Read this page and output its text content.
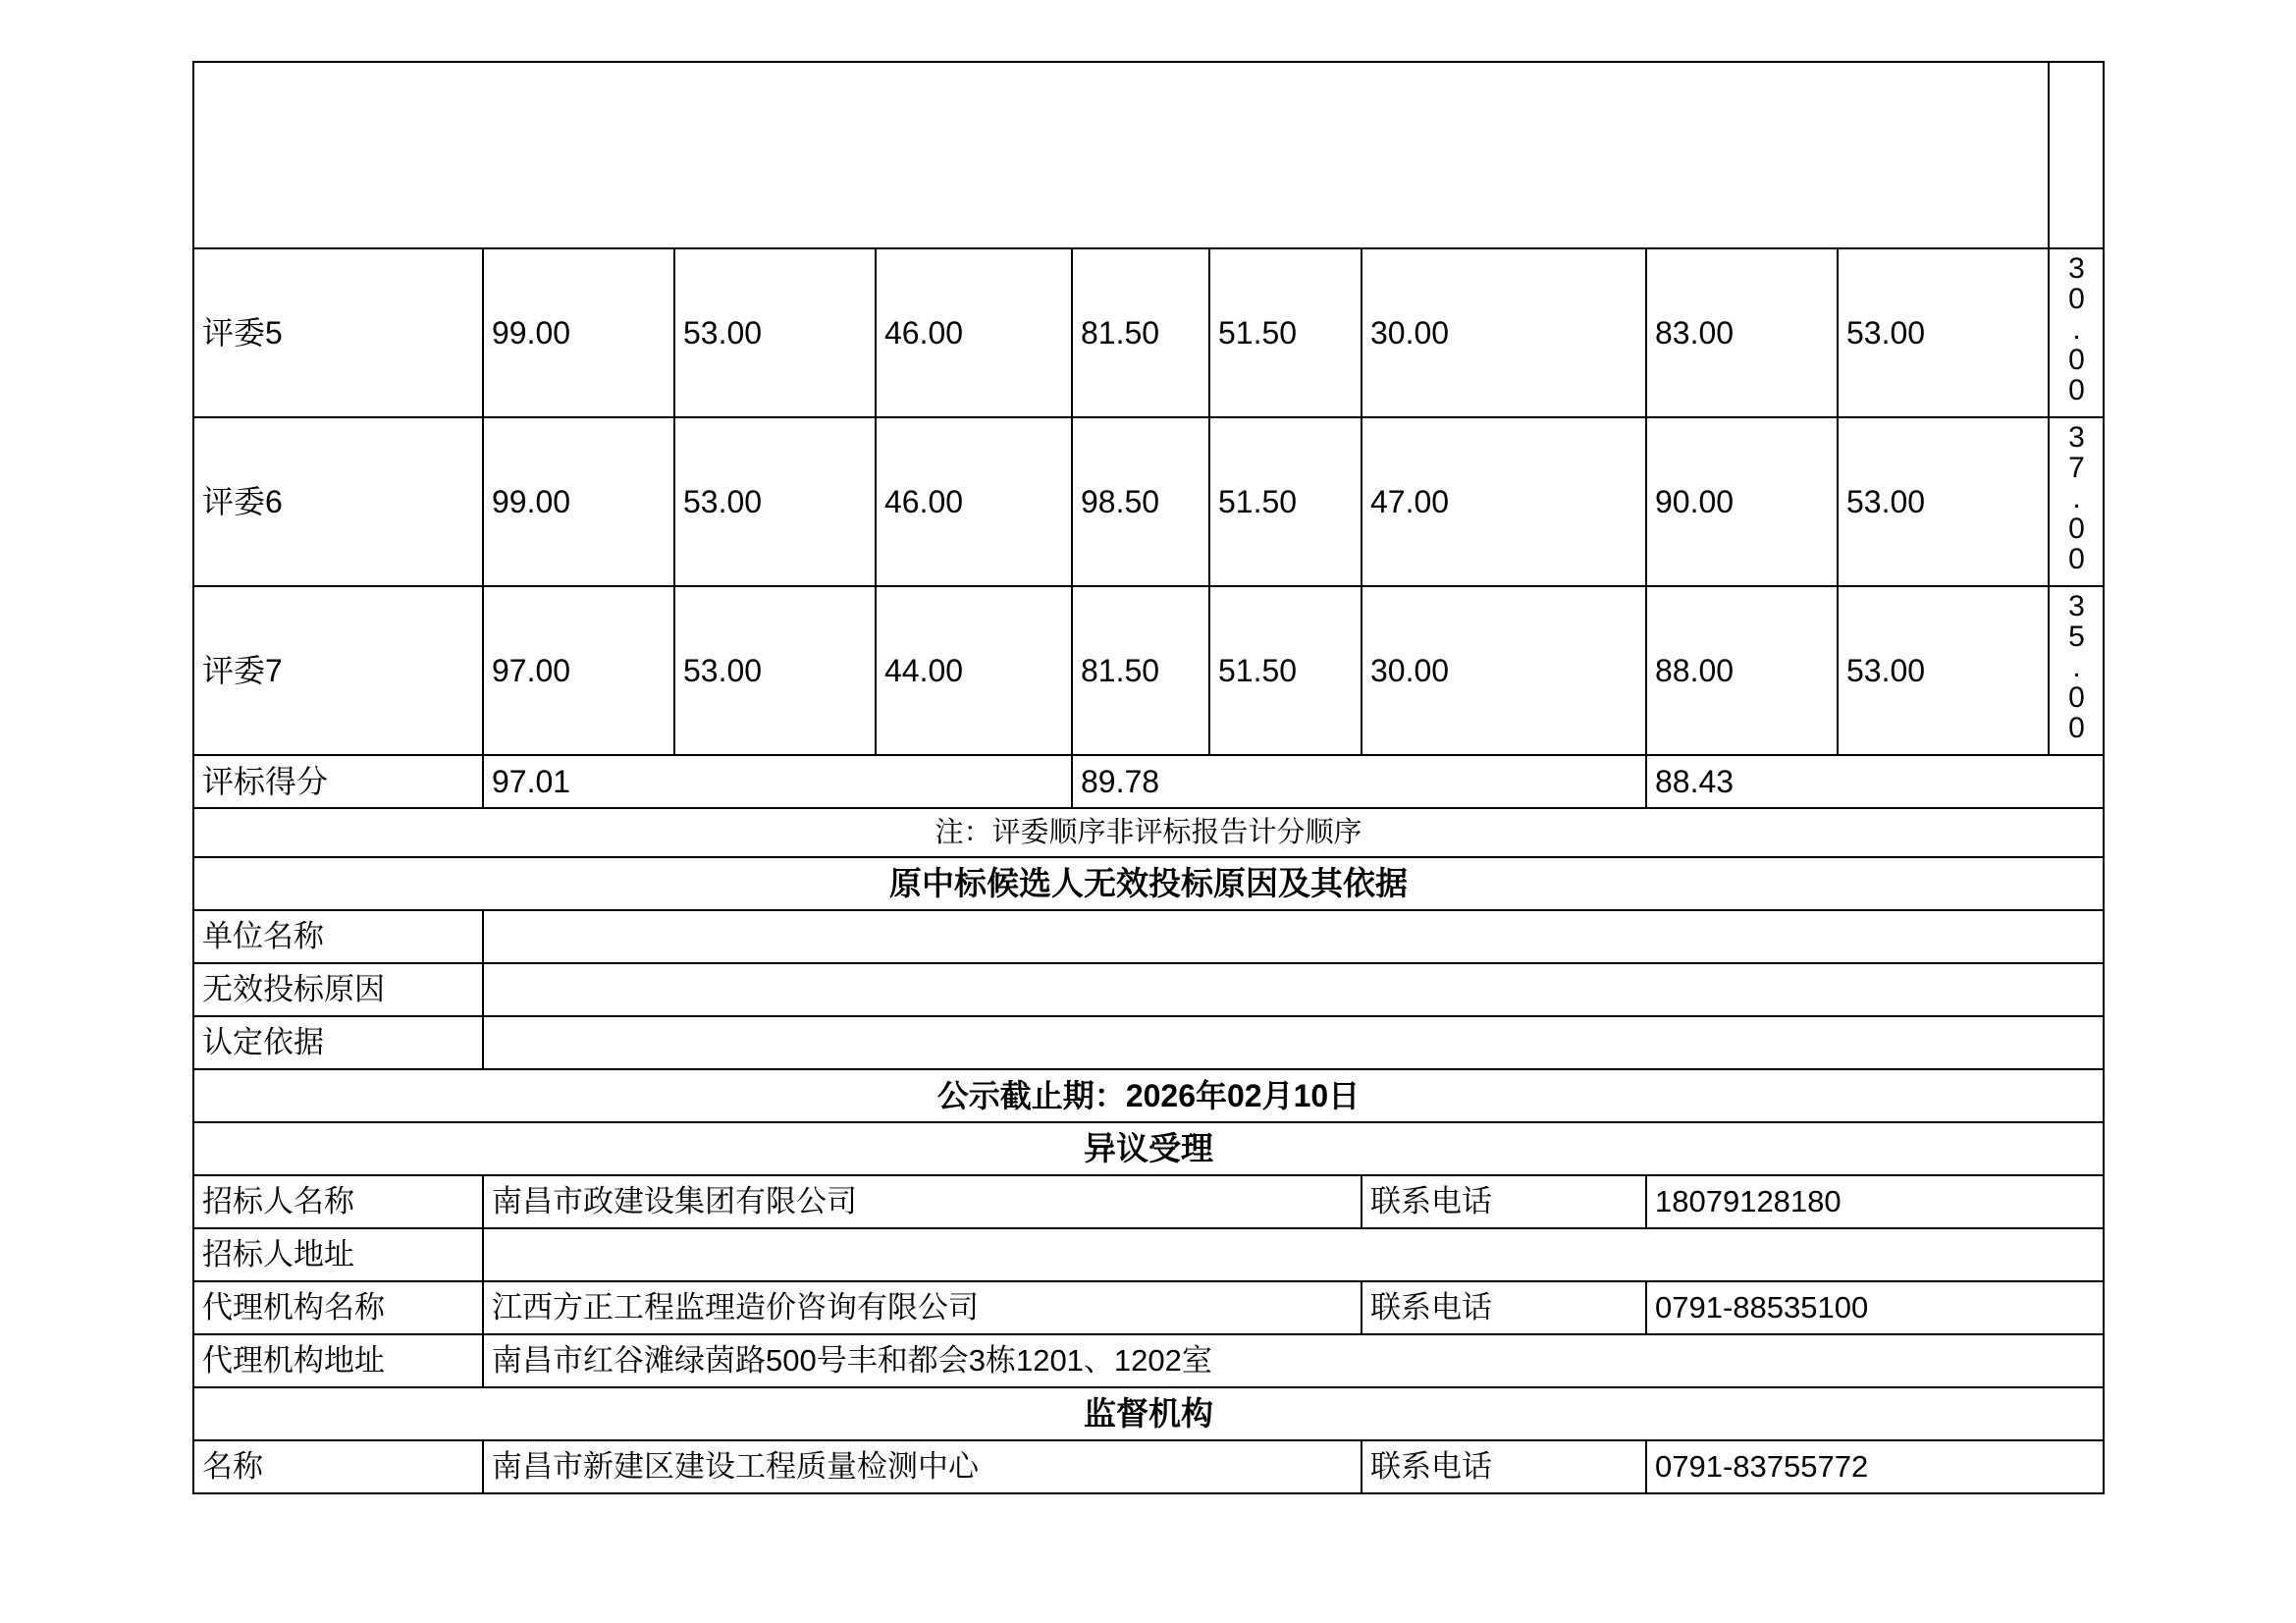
评委5	99.00	53.00	46.00	81.50	51.50	30.00	83.00	53.00	30.00
评委6	99.00	53.00	46.00	98.50	51.50	47.00	90.00	53.00	37.00
评委7	97.00	53.00	44.00	81.50	51.50	30.00	88.00	53.00	35.00
评标得分	97.01			89.78			88.43		
注：评委顺序非评标报告计分顺序									
原中标候选人无效投标原因及其依据									
单位名称									
无效投标原因									
认定依据									
公示截止期：2026年02月10日									
异议受理									
招标人名称	南昌市政建设集团有限公司					联系电话	18079128180		
招标人地址									
代理机构名称	江西方正工程监理造价咨询有限公司					联系电话	0791-88535100		
代理机构地址	南昌市红谷滩绿茵路500号丰和都会3栋1201、1202室								
监督机构									
名称	南昌市新建区建设工程质量检测中心					联系电话	0791-83755772		
